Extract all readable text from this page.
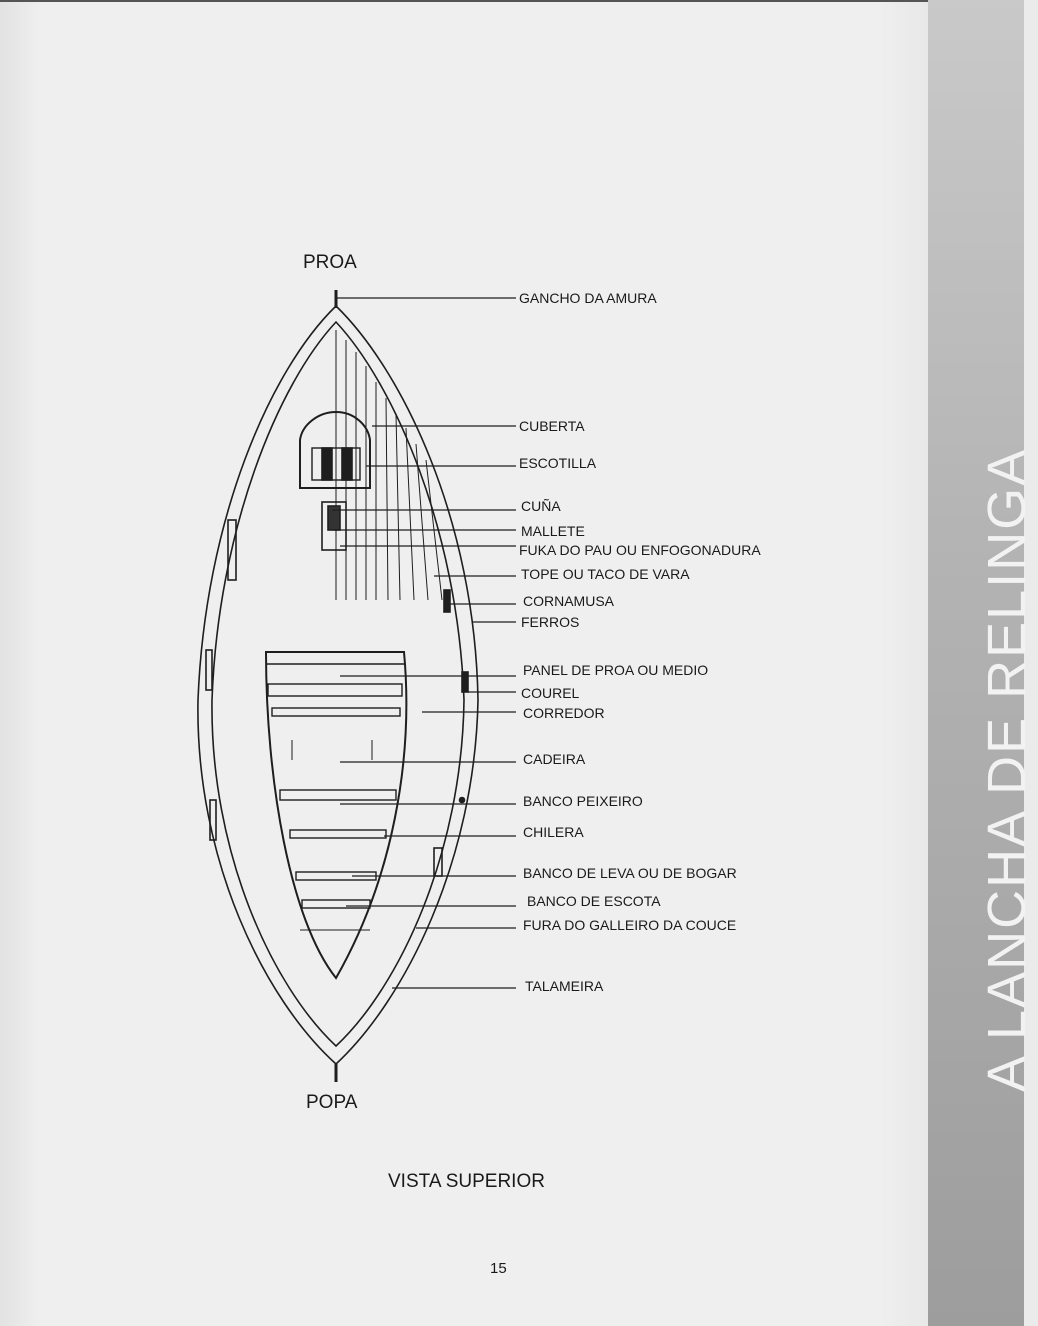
A LANCHA DE RELINGA
PROA
GANCHO DA AMURA
CUBERTA
ESCOTILLA
CUÑA
MALLETE
FUKA DO PAU OU ENFOGONADURA
TOPE OU TACO DE VARA
CORNAMUSA
FERROS
PANEL DE PROA OU MEDIO
COUREL
CORREDOR
CADEIRA
BANCO PEIXEIRO
CHILERA
BANCO DE LEVA OU DE BOGAR
BANCO DE ESCOTA
FURA DO GALLEIRO DA COUCE
TALAMEIRA
POPA
VISTA SUPERIOR
15
